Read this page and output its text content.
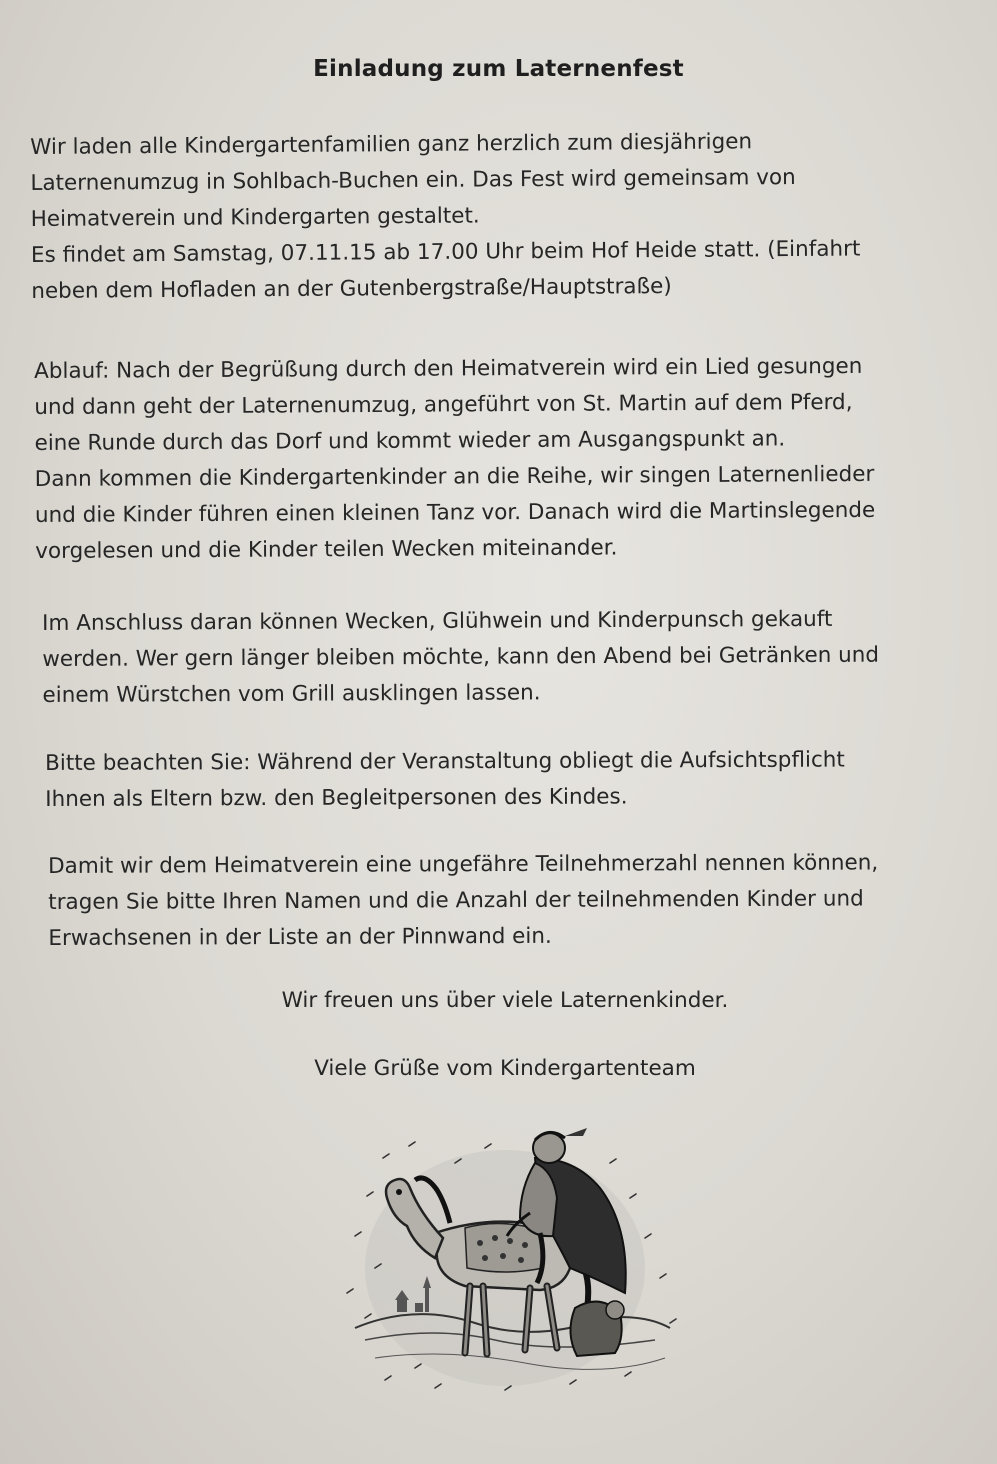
Einladung zum Laternenfest
Wir laden alle Kindergartenfamilien ganz herzlich zum diesjährigen
Laternenumzug in Sohlbach-Buchen ein. Das Fest wird gemeinsam von
Heimatverein und Kindergarten gestaltet.
Es findet am Samstag, 07.11.15 ab 17.00 Uhr beim Hof Heide statt. (Einfahrt
neben dem Hofladen an der Gutenbergstraße/Hauptstraße)
Ablauf: Nach der Begrüßung durch den Heimatverein wird ein Lied gesungen
und dann geht der Laternenumzug, angeführt von St. Martin auf dem Pferd,
eine Runde durch das Dorf und kommt wieder am Ausgangspunkt an.
Dann kommen die Kindergartenkinder an die Reihe, wir singen Laternenlieder
und die Kinder führen einen kleinen Tanz vor. Danach wird die Martinslegende
vorgelesen und die Kinder teilen Wecken miteinander.
Im Anschluss daran können Wecken, Glühwein und Kinderpunsch gekauft
werden. Wer gern länger bleiben möchte, kann den Abend bei Getränken und
einem Würstchen vom Grill ausklingen lassen.
Bitte beachten Sie: Während der Veranstaltung obliegt die Aufsichtspflicht
Ihnen als Eltern bzw. den Begleitpersonen des Kindes.
Damit wir dem Heimatverein eine ungefähre Teilnehmerzahl nennen können,
tragen Sie bitte Ihren Namen und die Anzahl der teilnehmenden Kinder und
Erwachsenen in der Liste an der Pinnwand ein.
Wir freuen uns über viele Laternenkinder.
Viele Grüße vom Kindergartenteam
